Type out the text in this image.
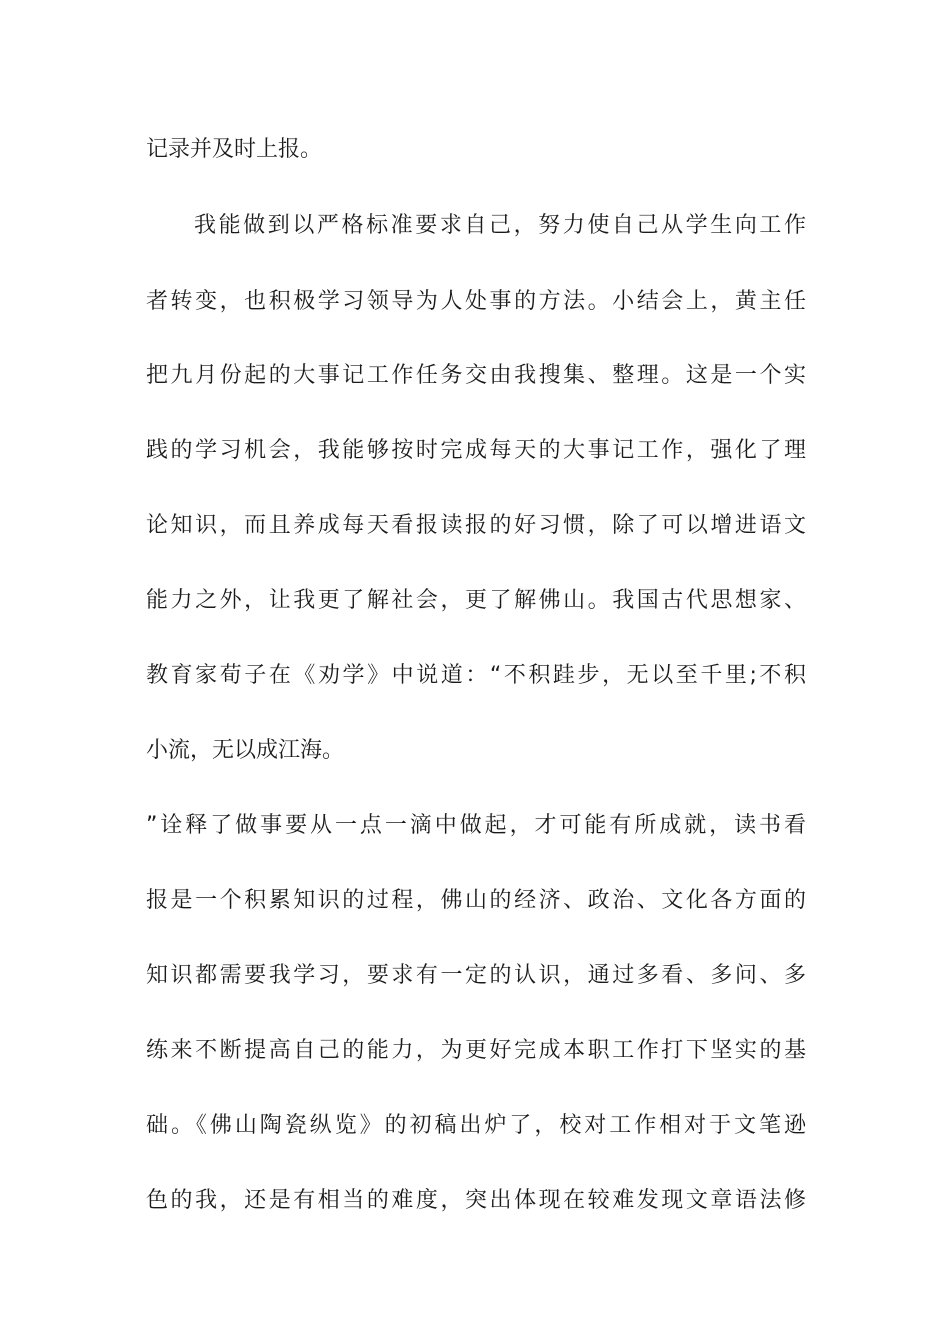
记录并及时上报。
我能做到以严格标准要求自己，努力使自己从学生向工作
者转变，也积极学习领导为人处事的方法。小结会上，黄主任
把九月份起的大事记工作任务交由我搜集、整理。这是一个实
践的学习机会，我能够按时完成每天的大事记工作，强化了理
论知识，而且养成每天看报读报的好习惯，除了可以增进语文
能力之外，让我更了解社会，更了解佛山。我国古代思想家、
教育家荀子在《劝学》中说道：“不积跬步，无以至千里;不积
小流，无以成江海。
”诠释了做事要从一点一滴中做起，才可能有所成就，读书看
报是一个积累知识的过程，佛山的经济、政治、文化各方面的
知识都需要我学习，要求有一定的认识，通过多看、多问、多
练来不断提高自己的能力，为更好完成本职工作打下坚实的基
础。《佛山陶瓷纵览》的初稿出炉了，校对工作相对于文笔逊
色的我，还是有相当的难度，突出体现在较难发现文章语法修
